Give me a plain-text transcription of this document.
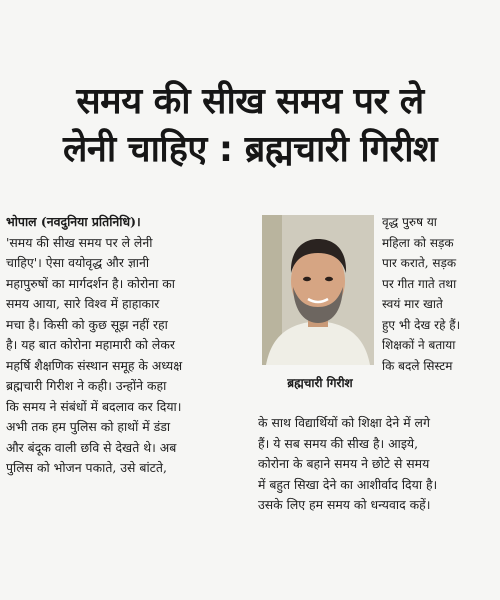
समय की सीख समय पर ले
लेनी चाहिए : ब्रह्मचारी गिरीश
भोपाल (नवदुनिया प्रतिनिधि)।
'समय की सीख समय पर ले लेनी
चाहिए'। ऐसा वयोवृद्ध और ज्ञानी
महापुरुषों का मार्गदर्शन है। कोरोना का
समय आया, सारे विश्व में हाहाकार
मचा है। किसी को कुछ सूझ नहीं रहा
है। यह बात कोरोना महामारी को लेकर
महर्षि शैक्षणिक संस्थान समूह के अध्यक्ष
ब्रह्मचारी गिरीश ने कही। उन्होंने कहा
कि समय ने संबंधों में बदलाव कर दिया।
अभी तक हम पुलिस को हाथों में डंडा
और बंदूक वाली छवि से देखते थे। अब
पुलिस को भोजन पकाते, उसे बांटते,
वृद्ध पुरुष या
महिला को सड़क
पार कराते, सड़क
पर गीत गाते तथा
स्वयं मार खाते
हुए भी देख रहे हैं।
शिक्षकों ने बताया
कि बदले सिस्टम
ब्रह्मचारी गिरीश
के साथ विद्यार्थियों को शिक्षा देने में लगे
हैं। ये सब समय की सीख है। आइये,
कोरोना के बहाने समय ने छोटे से समय
में बहुत सिखा देने का आशीर्वाद दिया है।
उसके लिए हम समय को धन्यवाद कहें।
